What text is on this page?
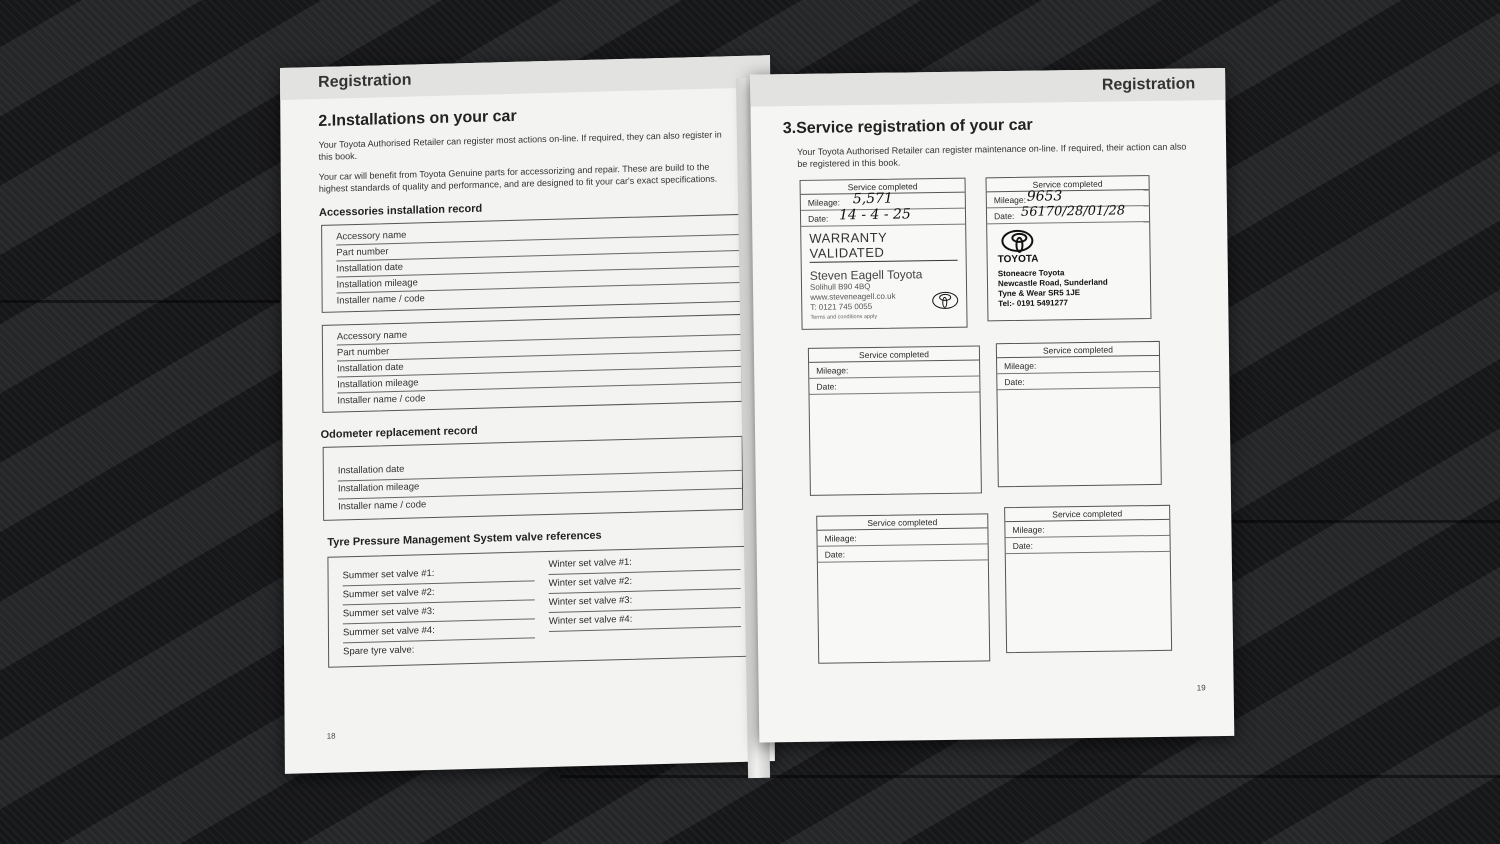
Registration
2.Installations on your car

Your Toyota Authorised Retailer can register most actions on-line. If required, they can also register in this book.

Your car will benefit from Toyota Genuine parts for accessorizing and repair. These are build to the highest standards of quality and performance, and are designed to fit your car's exact specifications.

Accessories installation record
Accessory name
Part number
Installation date
Installation mileage
Installer name / code
Accessory name
Part number
Installation date
Installation mileage
Installer name / code
Odometer replacement record
Installation date
Installation mileage
Installer name / code
Tyre Pressure Management System valve references
Summer set valve #1:
Summer set valve #2:
Summer set valve #3:
Summer set valve #4:
Spare tyre valve:
Winter set valve #1:
Winter set valve #2:
Winter set valve #3:
Winter set valve #4:
18
Registration
3.Service registration of your car

Your Toyota Authorised Retailer can register maintenance on-line. If required, their action can also be registered in this book.

Service completed
Mileage: 5,571
Date: 14 - 4 - 25
WARRANTY VALIDATED
Steven Eagell Toyota
Solihull B90 4BQ
www.steveneagell.co.uk
T: 0121 745 0055
Terms and conditions apply
Service completed
Mileage: 9653
Date: 56170/28/01/28
TOYOTA
Stoneacre Toyota
Newcastle Road, Sunderland
Tyne & Wear SR5 1JE
Tel:- 0191 5491277
Service completed
Mileage:
Date:
Service completed
Mileage:
Date:
Service completed
Mileage:
Date:
Service completed
Mileage:
Date:
19
